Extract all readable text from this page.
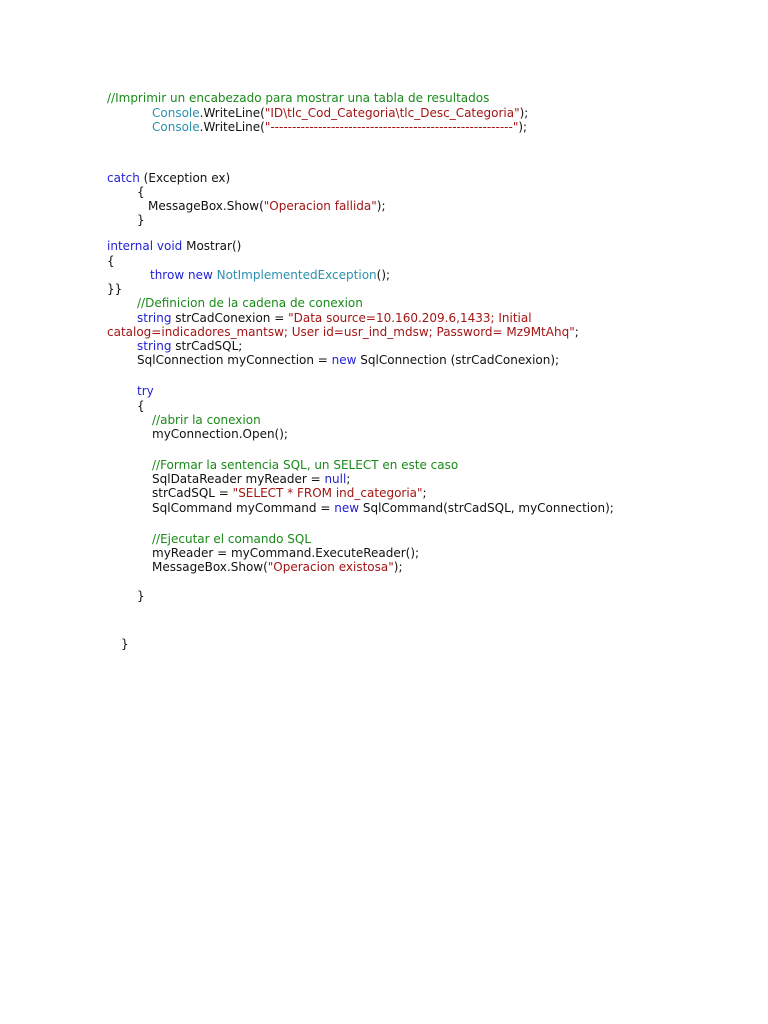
//Imprimir un encabezado para mostrar una tabla de resultados
Console.WriteLine("ID\tlc_Cod_Categoria\tlc_Desc_Categoria");
Console.WriteLine("--------------------------------------------------------");
catch (Exception ex)
{
MessageBox.Show("Operacion fallida");
}
internal void Mostrar()
{
throw new NotImplementedException();
}}
//Definicion de la cadena de conexion
string strCadConexion = "Data source=10.160.209.6,1433; Initial
catalog=indicadores_mantsw; User id=usr_ind_mdsw; Password= Mz9MtAhq";
string strCadSQL;
SqlConnection myConnection = new SqlConnection (strCadConexion);
try
{
//abrir la conexion
myConnection.Open();
//Formar la sentencia SQL, un SELECT en este caso
SqlDataReader myReader = null;
strCadSQL = "SELECT * FROM ind_categoria";
SqlCommand myCommand = new SqlCommand(strCadSQL, myConnection);
//Ejecutar el comando SQL
myReader = myCommand.ExecuteReader();
MessageBox.Show("Operacion existosa");
}
}
